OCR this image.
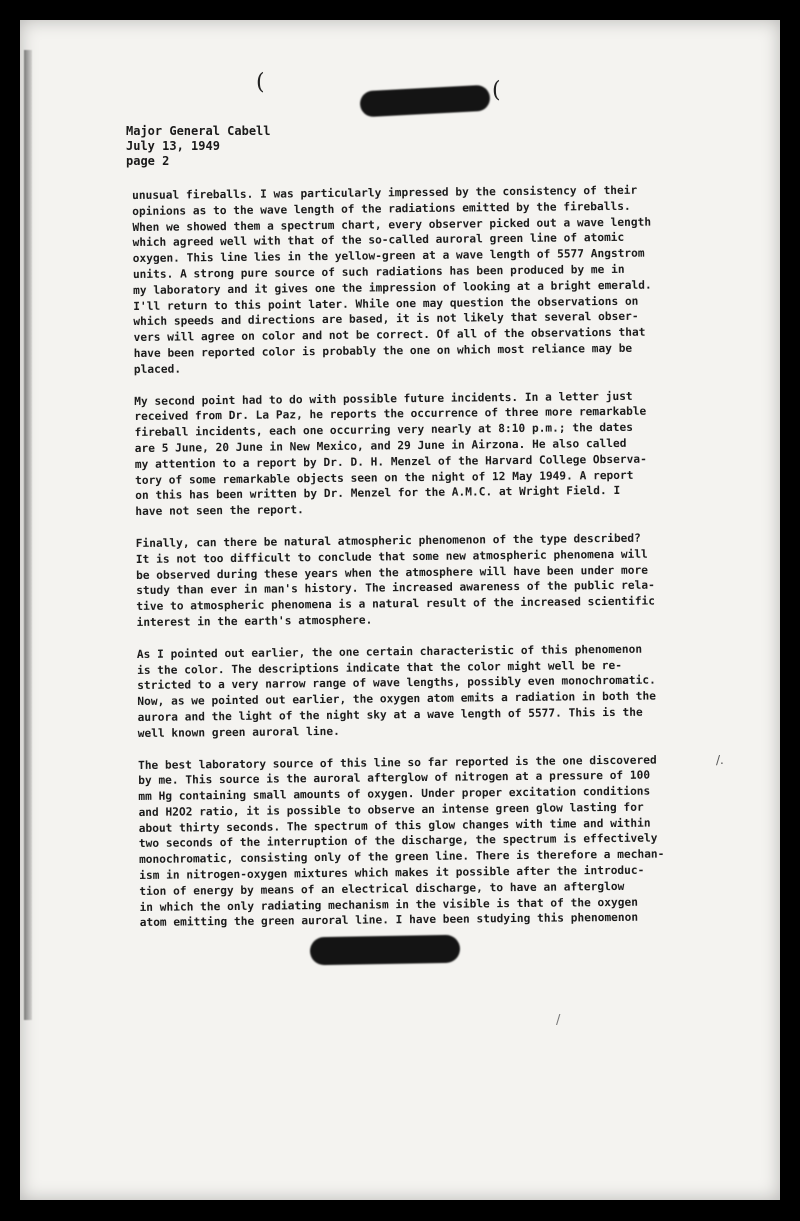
(	(
Major General Cabell
July 13, 1949
page 2

unusual fireballs. I was particularly impressed by the consistency of their
opinions as to the wave length of the radiations emitted by the fireballs.
When we showed them a spectrum chart, every observer picked out a wave length
which agreed well with that of the so-called auroral green line of atomic
oxygen. This line lies in the yellow-green at a wave length of 5577 Angstrom
units. A strong pure source of such radiations has been produced by me in
my laboratory and it gives one the impression of looking at a bright emerald.
I'll return to this point later. While one may question the observations on
which speeds and directions are based, it is not likely that several obser-
vers will agree on color and not be correct. Of all of the observations that
have been reported color is probably the one on which most reliance may be
placed.

My second point had to do with possible future incidents. In a letter just
received from Dr. La Paz, he reports the occurrence of three more remarkable
fireball incidents, each one occurring very nearly at 8:10 p.m.; the dates
are 5 June, 20 June in New Mexico, and 29 June in Airzona. He also called
my attention to a report by Dr. D. H. Menzel of the Harvard College Observa-
tory of some remarkable objects seen on the night of 12 May 1949. A report
on this has been written by Dr. Menzel for the A.M.C. at Wright Field. I
have not seen the report.

Finally, can there be natural atmospheric phenomenon of the type described?
It is not too difficult to conclude that some new atmospheric phenomena will
be observed during these years when the atmosphere will have been under more
study than ever in man's history. The increased awareness of the public rela-
tive to atmospheric phenomena is a natural result of the increased scientific
interest in the earth's atmosphere.

As I pointed out earlier, the one certain characteristic of this phenomenon
is the color. The descriptions indicate that the color might well be re-
stricted to a very narrow range of wave lengths, possibly even monochromatic.
Now, as we pointed out earlier, the oxygen atom emits a radiation in both the
aurora and the light of the night sky at a wave length of 5577. This is the
well known green auroral line.

The best laboratory source of this line so far reported is the one discovered
by me. This source is the auroral afterglow of nitrogen at a pressure of 100
mm Hg containing small amounts of oxygen. Under proper excitation conditions
and H2O2 ratio, it is possible to observe an intense green glow lasting for
about thirty seconds. The spectrum of this glow changes with time and within
two seconds of the interruption of the discharge, the spectrum is effectively
monochromatic, consisting only of the green line. There is therefore a mechan-
ism in nitrogen-oxygen mixtures which makes it possible after the introduc-
tion of energy by means of an electrical discharge, to have an afterglow
in which the only radiating mechanism in the visible is that of the oxygen
atom emitting the green auroral line. I have been studying this phenomenon

/.
/
